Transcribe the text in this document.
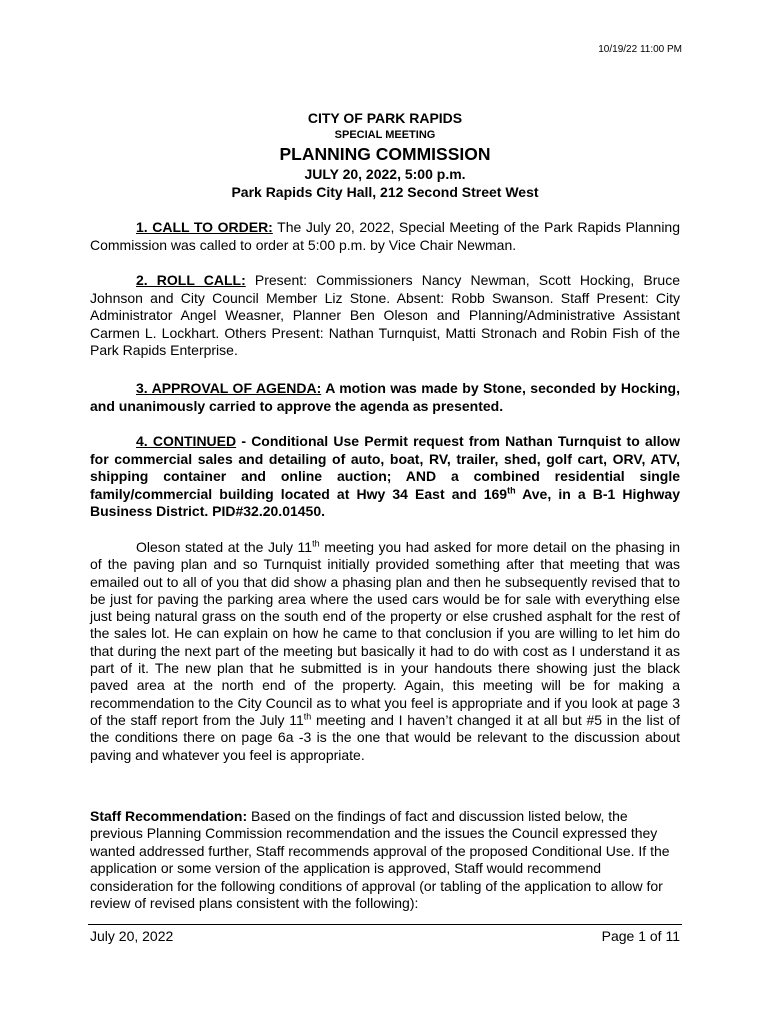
10/19/22 11:00 PM
CITY OF PARK RAPIDS
SPECIAL MEETING
PLANNING COMMISSION
JULY 20, 2022, 5:00 p.m.
Park Rapids City Hall, 212 Second Street West
1. CALL TO ORDER: The July 20, 2022, Special Meeting of the Park Rapids Planning Commission was called to order at 5:00 p.m. by Vice Chair Newman.
2. ROLL CALL: Present: Commissioners Nancy Newman, Scott Hocking, Bruce Johnson and City Council Member Liz Stone. Absent: Robb Swanson. Staff Present: City Administrator Angel Weasner, Planner Ben Oleson and Planning/Administrative Assistant Carmen L. Lockhart. Others Present: Nathan Turnquist, Matti Stronach and Robin Fish of the Park Rapids Enterprise.
3. APPROVAL OF AGENDA: A motion was made by Stone, seconded by Hocking, and unanimously carried to approve the agenda as presented.
4. CONTINUED - Conditional Use Permit request from Nathan Turnquist to allow for commercial sales and detailing of auto, boat, RV, trailer, shed, golf cart, ORV, ATV, shipping container and online auction; AND a combined residential single family/commercial building located at Hwy 34 East and 169th Ave, in a B-1 Highway Business District. PID#32.20.01450.
Oleson stated at the July 11th meeting you had asked for more detail on the phasing in of the paving plan and so Turnquist initially provided something after that meeting that was emailed out to all of you that did show a phasing plan and then he subsequently revised that to be just for paving the parking area where the used cars would be for sale with everything else just being natural grass on the south end of the property or else crushed asphalt for the rest of the sales lot. He can explain on how he came to that conclusion if you are willing to let him do that during the next part of the meeting but basically it had to do with cost as I understand it as part of it. The new plan that he submitted is in your handouts there showing just the black paved area at the north end of the property. Again, this meeting will be for making a recommendation to the City Council as to what you feel is appropriate and if you look at page 3 of the staff report from the July 11th meeting and I haven’t changed it at all but #5 in the list of the conditions there on page 6a -3 is the one that would be relevant to the discussion about paving and whatever you feel is appropriate.
Staff Recommendation: Based on the findings of fact and discussion listed below, the previous Planning Commission recommendation and the issues the Council expressed they wanted addressed further, Staff recommends approval of the proposed Conditional Use. If the application or some version of the application is approved, Staff would recommend consideration for the following conditions of approval (or tabling of the application to allow for review of revised plans consistent with the following):
July 20, 2022	Page 1 of 11
